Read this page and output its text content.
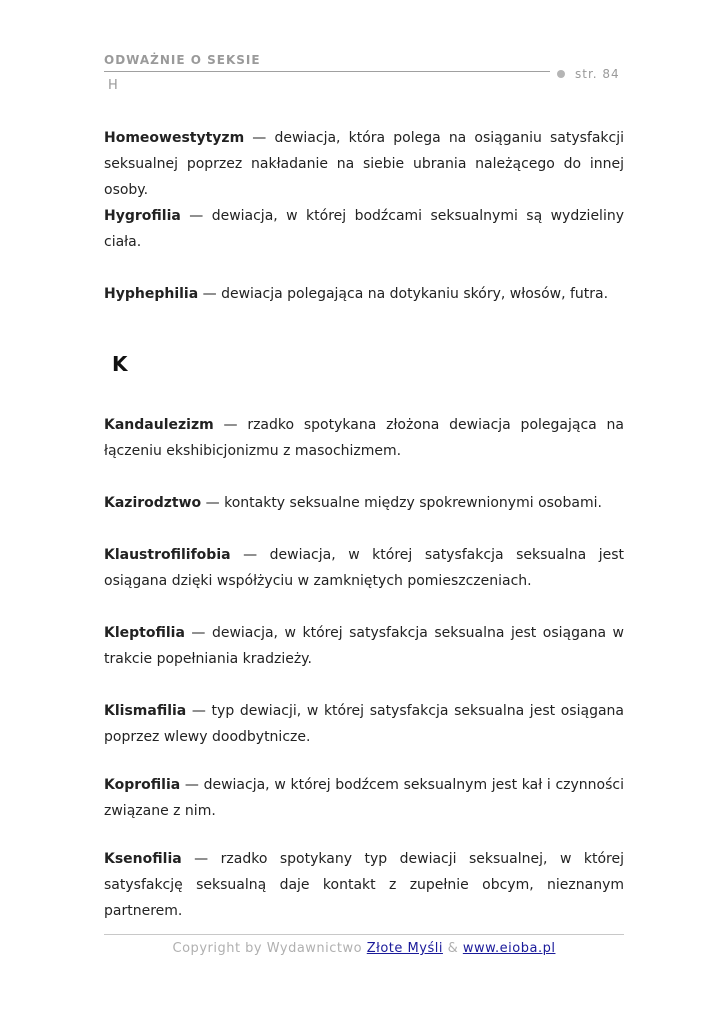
ODWAŻNIE O SEKSIE
str. 84
H
Homeowestytyzm — dewiacja, która polega na osiąganiu satysfakcji seksualnej poprzez nakładanie na siebie ubrania należącego do innej osoby.
Hygrofilia — dewiacja, w której bodźcami seksualnymi są wydzieliny ciała.
Hyphephilia — dewiacja polegająca na dotykaniu skóry, włosów, futra.
K
Kandaulezizm — rzadko spotykana złożona dewiacja polegająca na łączeniu ekshibicjonizmu z masochizmem.
Kazirodztwo — kontakty seksualne między spokrewnionymi osobami.
Klaustrofilifobia — dewiacja, w której satysfakcja seksualna jest osiągana dzięki współżyciu w zamkniętych pomieszczeniach.
Kleptofilia — dewiacja, w której satysfakcja seksualna jest osiągana w trakcie popełniania kradzieży.
Klismafilia — typ dewiacji, w której satysfakcja seksualna jest osiągana poprzez wlewy doodbytnicze.
Koprofilia — dewiacja, w której bodźcem seksualnym jest kał i czynności związane z nim.
Ksenofilia — rzadko spotykany typ dewiacji seksualnej, w której satysfakcję seksualną daje kontakt z zupełnie obcym, nieznanym partnerem.
Copyright by Wydawnictwo Złote Myśli & www.eioba.pl
